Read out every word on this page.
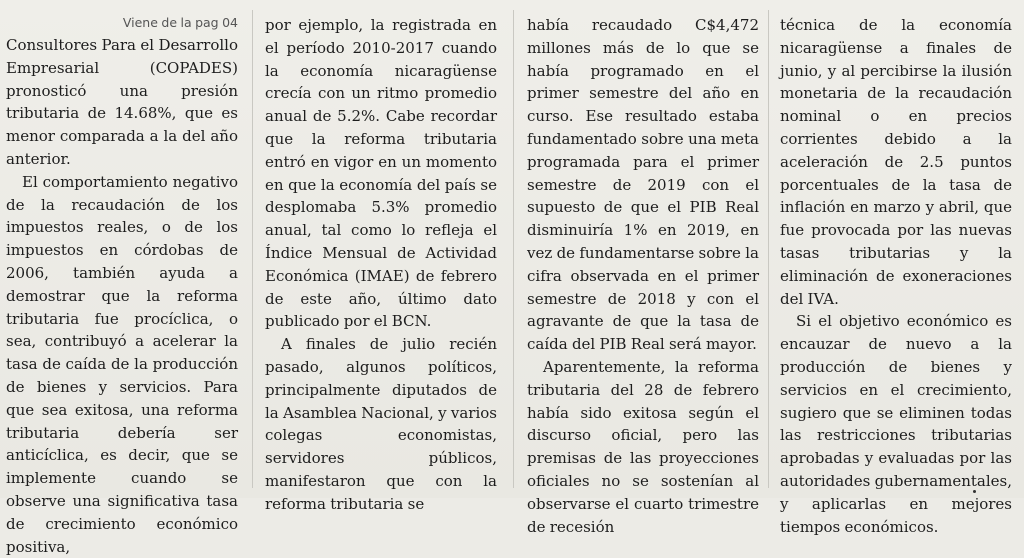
Viene de la pag 04

Consultores Para el Desarrollo Empresarial (COPADES) pronosticó una presión tributaria de 14.68%, que es menor comparada a la del año anterior.

El comportamiento negativo de la recaudación de los impuestos reales, o de los impuestos en córdobas de 2006, también ayuda a demostrar que la reforma tributaria fue procíclica, o sea, contribuyó a acelerar la tasa de caída de la producción de bienes y servicios. Para que sea exitosa, una reforma tributaria debería ser anticíclica, es decir, que se implemente cuando se observe una significativa tasa de crecimiento económico positiva,

por ejemplo, la registrada en el período 2010-2017 cuando la economía nicaragüense crecía con un ritmo promedio anual de 5.2%. Cabe recordar que la reforma tributaria entró en vigor en un momento en que la economía del país se desplomaba 5.3% promedio anual, tal como lo refleja el Índice Mensual de Actividad Económica (IMAE) de febrero de este año, último dato publicado por el BCN.

A finales de julio recién pasado, algunos políticos, principalmente diputados de la Asamblea Nacional, y varios colegas economistas, servidores públicos, manifestaron que con la reforma tributaria se

había recaudado C$4,472 millones más de lo que se había programado en el primer semestre del año en curso. Ese resultado estaba fundamentado sobre una meta programada para el primer semestre de 2019 con el supuesto de que el PIB Real disminuiría 1% en 2019, en vez de fundamentarse sobre la cifra observada en el primer semestre de 2018 y con el agravante de que la tasa de caída del PIB Real será mayor.

Aparentemente, la reforma tributaria del 28 de febrero había sido exitosa según el discurso oficial, pero las premisas de las proyecciones oficiales no se sostenían al observarse el cuarto trimestre de recesión

técnica de la economía nicaragüense a finales de junio, y al percibirse la ilusión monetaria de la recaudación nominal o en precios corrientes debido a la aceleración de 2.5 puntos porcentuales de la tasa de inflación en marzo y abril, que fue provocada por las nuevas tasas tributarias y la eliminación de exoneraciones del IVA.

Si el objetivo económico es encauzar de nuevo a la producción de bienes y servicios en el crecimiento, sugiero que se eliminen todas las restricciones tributarias aprobadas y evaluadas por las autoridades gubernamentales, y aplicarlas en mejores tiempos económicos.
